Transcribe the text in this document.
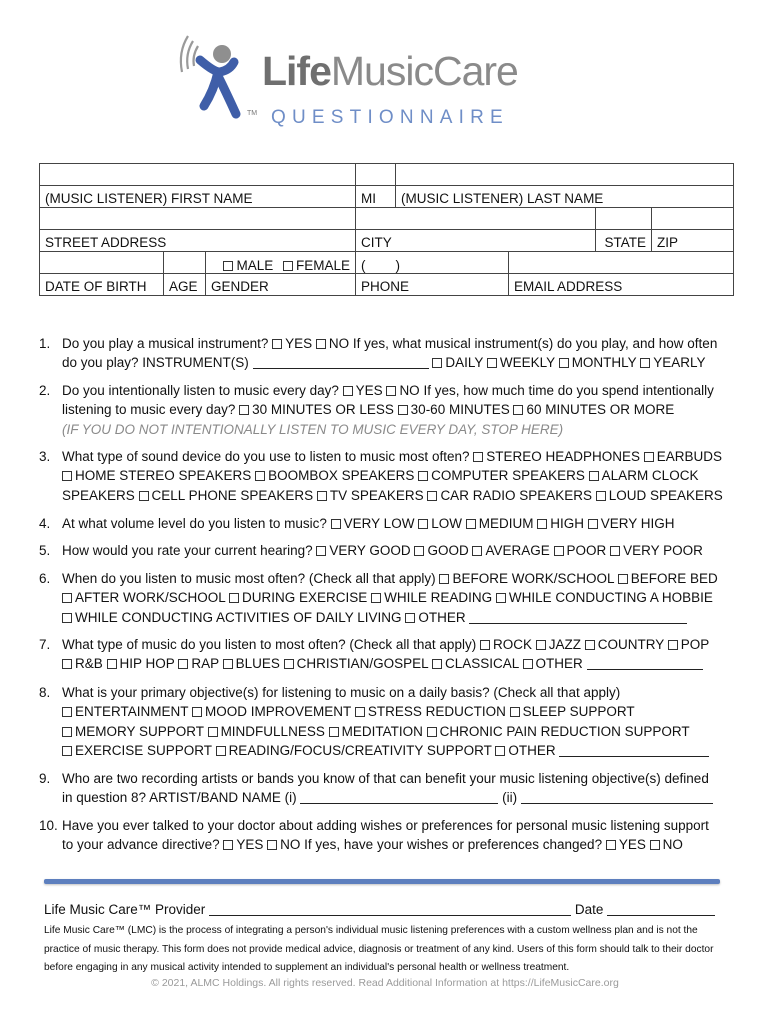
LifeMusicCare
TM QUESTIONNAIRE

(MUSIC LISTENER) FIRST NAME			MI	(MUSIC LISTENER) LAST NAME			

STREET ADDRESS			CITY			STATE	ZIP
		MALE FEMALE	(        )				
DATE OF BIRTH	AGE	GENDER	PHONE		EMAIL ADDRESS		
1. Do you play a musical instrument? YES NO If yes, what musical instrument(s) do you play, and how often
do you play? INSTRUMENT(S)	DAILY WEEKLY MONTHLY YEARLY
2. Do you intentionally listen to music every day? YES NO If yes, how much time do you spend intentionally
listening to music every day? 30 MINUTES OR LESS 30-60 MINUTES 60 MINUTES OR MORE
(IF YOU DO NOT INTENTIONALLY LISTEN TO MUSIC EVERY DAY, STOP HERE)
3. What type of sound device do you use to listen to music most often? STEREO HEADPHONES EARBUDS
HOME STEREO SPEAKERS BOOMBOX SPEAKERS COMPUTER SPEAKERS ALARM CLOCK
SPEAKERS CELL PHONE SPEAKERS TV SPEAKERS CAR RADIO SPEAKERS LOUD SPEAKERS
4. At what volume level do you listen to music? VERY LOW LOW MEDIUM HIGH VERY HIGH
5. How would you rate your current hearing? VERY GOOD GOOD AVERAGE POOR VERY POOR
6. When do you listen to music most often? (Check all that apply) BEFORE WORK/SCHOOL BEFORE BED
AFTER WORK/SCHOOL DURING EXERCISE WHILE READING WHILE CONDUCTING A HOBBIE
WHILE CONDUCTING ACTIVITIES OF DAILY LIVING OTHER
7. What type of music do you listen to most often? (Check all that apply) ROCK JAZZ COUNTRY POP
R&B HIP HOP RAP BLUES CHRISTIAN/GOSPEL CLASSICAL OTHER
8. What is your primary objective(s) for listening to music on a daily basis? (Check all that apply)
ENTERTAINMENT MOOD IMPROVEMENT STRESS REDUCTION SLEEP SUPPORT
MEMORY SUPPORT MINDFULLNESS MEDITATION CHRONIC PAIN REDUCTION SUPPORT
EXERCISE SUPPORT READING/FOCUS/CREATIVITY SUPPORT OTHER
9. Who are two recording artists or bands you know of that can benefit your music listening objective(s) defined
in question 8? ARTIST/BAND NAME (i)	(ii)
10. Have you ever talked to your doctor about adding wishes or preferences for personal music listening support
to your advance directive? YES NO If yes, have your wishes or preferences changed? YES NO
Life Music Care™ Provider	Date
Life Music Care™ (LMC) is the process of integrating a person's individual music listening preferences with a custom wellness plan and is not the practice of music therapy. This form does not provide medical advice, diagnosis or treatment of any kind. Users of this form should talk to their doctor before engaging in any musical activity intended to supplement an individual's personal health or wellness treatment.
© 2021, ALMC Holdings. All rights reserved. Read Additional Information at https://LifeMusicCare.org
